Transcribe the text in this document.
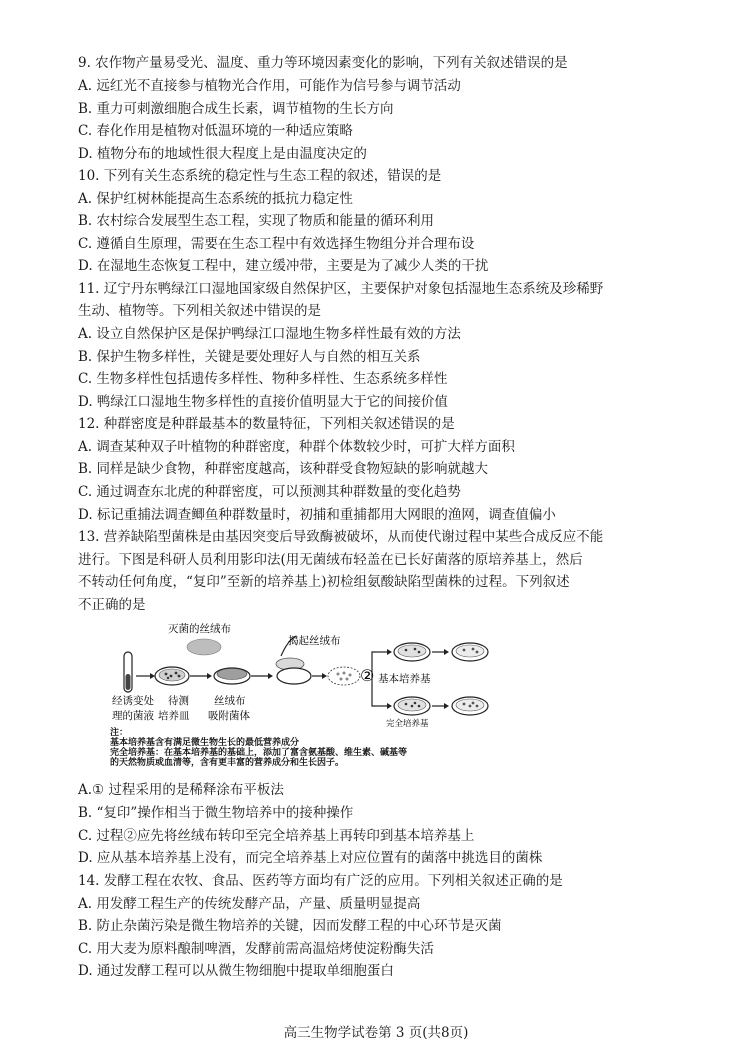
9. 农作物产量易受光、温度、重力等环境因素变化的影响，下列有关叙述错误的是
A. 远红光不直接参与植物光合作用，可能作为信号参与调节活动
B. 重力可刺激细胞合成生长素，调节植物的生长方向
C. 春化作用是植物对低温环境的一种适应策略
D. 植物分布的地域性很大程度上是由温度决定的
10. 下列有关生态系统的稳定性与生态工程的叙述，错误的是
A. 保护红树林能提高生态系统的抵抗力稳定性
B. 农村综合发展型生态工程，实现了物质和能量的循环利用
C. 遵循自生原理，需要在生态工程中有效选择生物组分并合理布设
D. 在湿地生态恢复工程中，建立缓冲带，主要是为了减少人类的干扰
11. 辽宁丹东鸭绿江口湿地国家级自然保护区，主要保护对象包括湿地生态系统及珍稀野
生动、植物等。下列相关叙述中错误的是
A. 设立自然保护区是保护鸭绿江口湿地生物多样性最有效的方法
B. 保护生物多样性，关键是要处理好人与自然的相互关系
C. 生物多样性包括遗传多样性、物种多样性、生态系统多样性
D. 鸭绿江口湿地生物多样性的直接价值明显大于它的间接价值
12. 种群密度是种群最基本的数量特征，下列相关叙述错误的是
A. 调查某种双子叶植物的种群密度，种群个体数较少时，可扩大样方面积
B. 同样是缺少食物，种群密度越高，该种群受食物短缺的影响就越大
C. 通过调查东北虎的种群密度，可以预测其种群数量的变化趋势
D. 标记重捕法调查鲫鱼种群数量时，初捕和重捕都用大网眼的渔网，调查值偏小
13. 营养缺陷型菌株是由基因突变后导致酶被破坏，从而使代谢过程中某些合成反应不能
进行。下图是科研人员利用影印法(用无菌绒布轻盖在已长好菌落的原培养基上，然后
不转动任何角度，“复印”至新的培养基上)初检组氨酸缺陷型菌株的过程。下列叙述
不正确的是
②
灭菌的丝绒布
揭起丝绒布
基本培养基
完全培养基
经诱变处
理的菌液
待测
培养皿
丝绒布
吸附菌体
注：
基本培养基含有满足微生物生长的最低营养成分
完全培养基：在基本培养基的基础上，添加了富含氨基酸、维生素、碱基等
的天然物质或血清等，含有更丰富的营养成分和生长因子。
A.① 过程采用的是稀释涂布平板法
B. “复印”操作相当于微生物培养中的接种操作
C. 过程②应先将丝绒布转印至完全培养基上再转印到基本培养基上
D. 应从基本培养基上没有，而完全培养基上对应位置有的菌落中挑选目的菌株
14. 发酵工程在农牧、食品、医药等方面均有广泛的应用。下列相关叙述正确的是
A. 用发酵工程生产的传统发酵产品，产量、质量明显提高
B. 防止杂菌污染是微生物培养的关键，因而发酵工程的中心环节是灭菌
C. 用大麦为原料酿制啤酒，发酵前需高温焙烤使淀粉酶失活
D. 通过发酵工程可以从微生物细胞中提取单细胞蛋白
高三生物学试卷第 3 页(共8页)
